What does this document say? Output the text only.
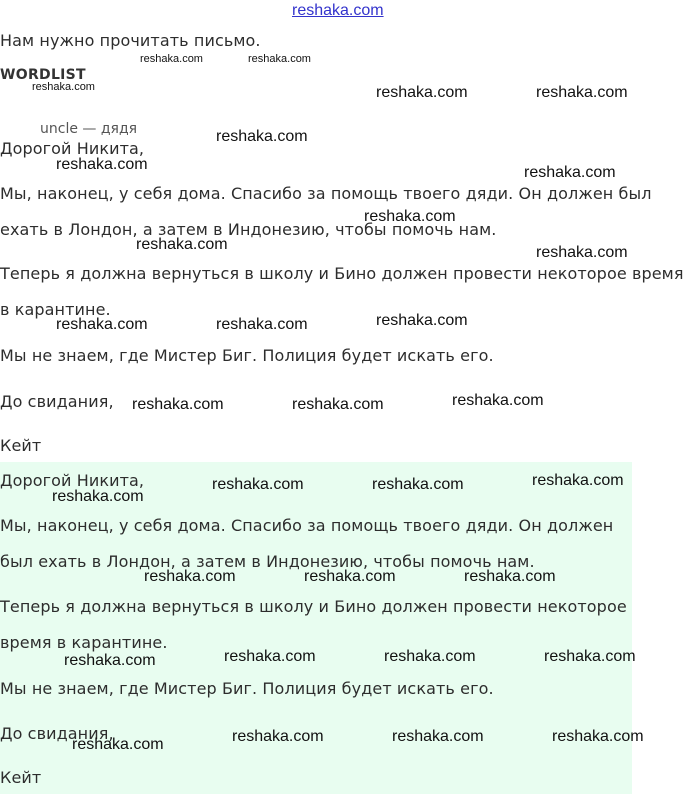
reshaka.com
Нам нужно прочитать письмо.
WORDLIST
uncle — дядя
Дорогой Никита,
Мы, наконец, у себя дома. Спасибо за помощь твоего дяди. Он должен был
ехать в Лондон, а затем в Индонезию, чтобы помочь нам.
Теперь я должна вернуться в школу и Бино должен провести некоторое время
в карантине.
Мы не знаем, где Мистер Биг. Полиция будет искать его.
До свидания,
Кейт
Дорогой Никита,
Мы, наконец, у себя дома. Спасибо за помощь твоего дяди. Он должен
был ехать в Лондон, а затем в Индонезию, чтобы помочь нам.
Теперь я должна вернуться в школу и Бино должен провести некоторое
время в карантине.
Мы не знаем, где Мистер Биг. Полиция будет искать его.
До свидания,
Кейт
reshaka.com	reshaka.com
reshaka.com	reshaka.com	reshaka.com
reshaka.com
reshaka.com	reshaka.com
reshaka.com
reshaka.com	reshaka.com
reshaka.com	reshaka.com	reshaka.com
reshaka.com	reshaka.com	reshaka.com
reshaka.com
reshaka.com	reshaka.com	reshaka.com
reshaka.com	reshaka.com	reshaka.com
reshaka.com	reshaka.com	reshaka.com	reshaka.com
reshaka.com	reshaka.com	reshaka.com	reshaka.com
